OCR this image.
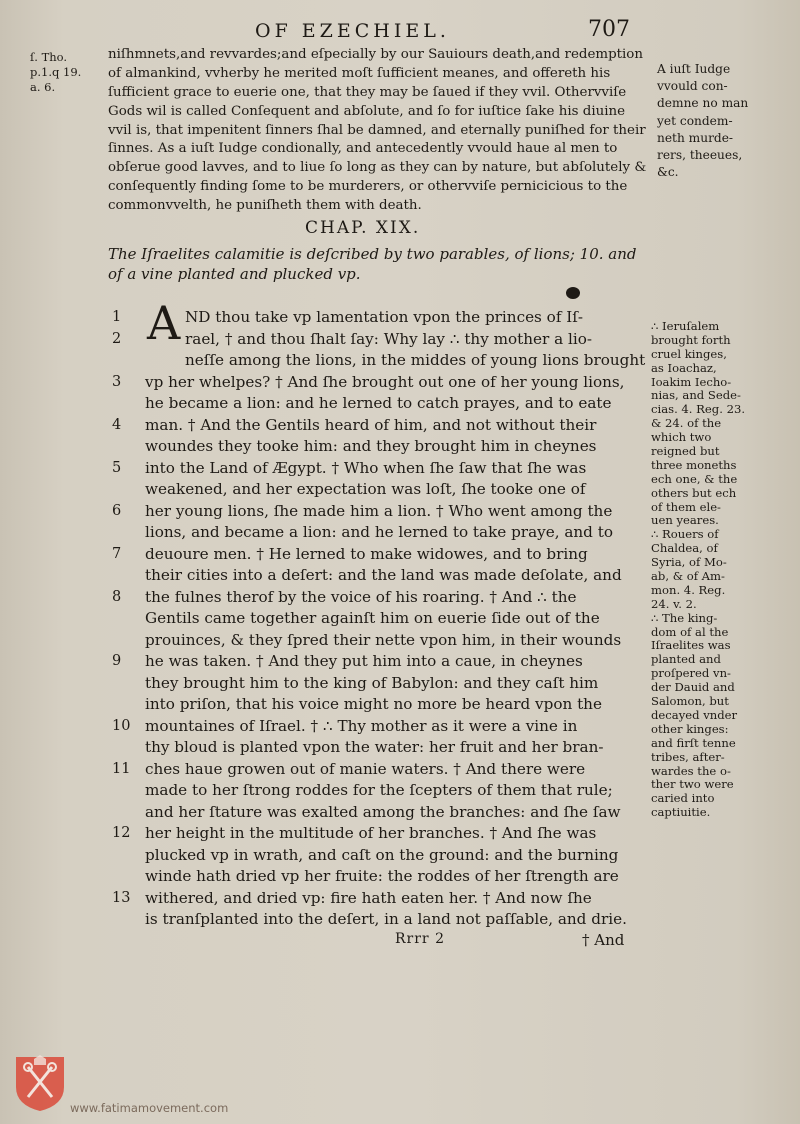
OF EZECHIEL.	707
ſ. Tho.
p.1.q 19.
a. 6.
niſhmnets,and revvardes;and eſpecially by our Sauiours death,and redemption
of almankind, vvherby he merited moſt ſufficient meanes, and offereth his
ſufficient grace to euerie one, that they may be ſaued if they vvil. Othervviſe
Gods wil is called Conſequent and abſolute, and ſo for iuſtice ſake his diuine
vvil is, that impenitent ſinners ſhal be damned, and eternally puniſhed for their
ſinnes. As a iuſt Iudge condionally, and antecedently vvould haue al men to
obſerue good lavves, and to liue ſo long as they can by nature, but abſolutely &
conſequently finding ſome to be murderers, or othervviſe pernicicious to the
commonvvelth, he puniſheth them with death.
A iuſt Iudge
vvould con-
demne no man
yet condem-
neth murde-
rers, theeues,
&c.
CHAP. XIX.
The Iſraelites calamitie is deſcribed by two parables, of lions; 10. and
of a vine planted and plucked vp.
A
1
2
3
4
5
6
7
8
9
10
11
12
13
ND thou take vp lamentation vpon the princes of Iſ-
rael, † and thou ſhalt ſay: Why lay ∴ thy mother a lio-
neſſe among the lions, in the middes of young lions brought
vp her whelpes? † And ſhe brought out one of her young lions,
he became a lion: and he lerned to catch prayes, and to eate
man. † And the Gentils heard of him, and not without their
woundes they tooke him: and they brought him in cheynes
into the Land of Ægypt. † Who when ſhe ſaw that ſhe was
weakened, and her expectation was loſt, ſhe tooke one of
her young lions, ſhe made him a lion. † Who went among the
lions, and became a lion: and he lerned to take praye, and to
deuoure men. † He lerned to make widowes, and to bring
their cities into a deſert: and the land was made deſolate, and
the fulnes therof by the voice of his roaring. † And ∴ the
Gentils came together againſt him on euerie ſide out of the
prouinces, & they ſpred their nette vpon him, in their wounds
he was taken. † And they put him into a caue, in cheynes
they brought him to the king of Babylon: and they caſt him
into priſon, that his voice might no more be heard vpon the
mountaines of Iſrael. † ∴ Thy mother as it were a vine in
thy bloud is planted vpon the water: her fruit and her bran-
ches haue growen out of manie waters. † And there were
made to her ſtrong roddes for the ſcepters of them that rule;
and her ſtature was exalted among the branches: and ſhe ſaw
her height in the multitude of her branches. † And ſhe was
plucked vp in wrath, and caſt on the ground: and the burning
winde hath dried vp her fruite: the roddes of her ſtrength are
withered, and dried vp: fire hath eaten her. † And now ſhe
is tranſplanted into the deſert, in a land not paſſable, and drie.
∴ Ieruſalem
brought forth
cruel kinges,
as Ioachaz,
Ioakim Iecho-
nias, and Sede-
cias. 4. Reg. 23.
& 24. of the
which two
reigned but
three moneths
ech one, & the
others but ech
of them ele-
uen yeares.
∴ Rouers of
Chaldea, of
Syria, of Mo-
ab, & of Am-
mon. 4. Reg.
24. v. 2.
∴ The king-
dom of al the
Iſraelites was
planted and
proſpered vn-
der Dauid and
Salomon, but
decayed vnder
other kinges:
and firſt tenne
tribes, after-
wardes the o-
ther two were
caried into
captiuitie.
Rrrr 2	† And
www.fatimamovement.com
